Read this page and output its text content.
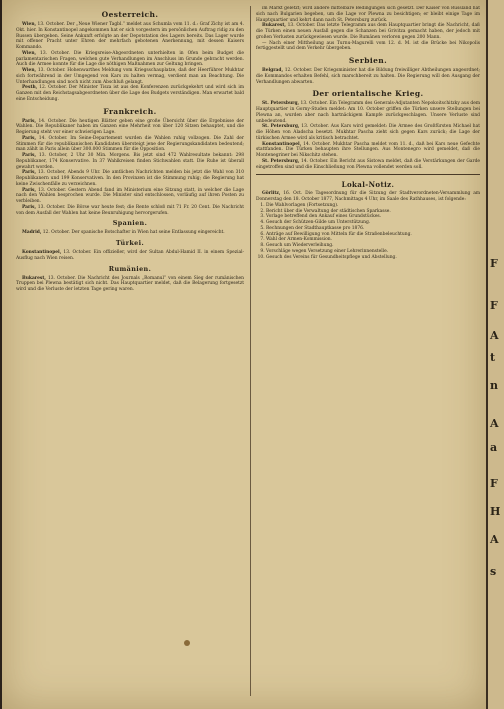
Oesterreich.

Wien, 13. October. Der „Neue Wiener Tagbl.“ meldet aus Schumla vom 11. d.: Graf Zichy ist am 4. Okt. hier. In Konstantinopel angekommen hat er sich vorgestern im persönlichen Auftrag ridig zu den Russen übergeben. Seine Ankunft erfolgte an der Depotstation des Lagers bereits. Das Lager wurde mit offener Pracht unter Ehren der mehrfach gebotenen Anerkennung, mit dessen Kaisers Kommando.

Wien, 13. October. Die Kriegsreise-Abgeordneten unterhielten in Ofen beim Budget die parlamentarischen Fragen, welchen gute Verhandlungen im Anschluss im Grunde gebracht werden. Auch die Armee konnte für die Lage die nöthigen Maßnahmen zur Geltung bringen.

Wien, 13. October. Hohenwarthes Meldung vom Kriegsschauplatze, daß der Heerführer Mukhtar sich fortwährend in der Umgegend von Kars zu halten vermag, verdient man an Beachtung. Die Unterhandlungen sind noch nicht zum Abschluß gelangt.

Pesth, 12. October. Der Minister Tisza ist aus den Konferenzen zurückgekehrt und wird sich im Ganzen mit den Reichstagsabgeordneten über die Lage des Budgets verständigen. Man erwartet bald eine Entscheidung.

Frankreich.

Paris, 14. October. Die heutigen Blätter geben eine große Übersicht über die Ergebnisse der Wahlen. Die Republikaner haben im Ganzen eine Mehrheit von über 120 Sitzen behauptet, und die Regierung steht vor einer schwierigen Lage.

Paris, 14. October. Im Seine-Departement wurden die Wahlen ruhig vollzogen. Die Zahl der Stimmen für die republikanischen Kandidaten übersteigt jene der Regierungskandidaten bedeutend; man zählt in Paris allein über 300.000 Stimmen für die Opposition.

Paris, 13. October, 2 Uhr 30 Min. Morgens. Bis jetzt sind 472 Wahlresultate bekannt: 298 Republikaner, 174 Konservative. In 37 Wahlkreisen finden Stichwahlen statt. Die Ruhe ist überall gewahrt worden.

Paris, 13. October, Abends 9 Uhr. Die amtlichen Nachrichten melden bis jetzt die Wahl von 310 Republikanern und 199 Konservativen. In den Provinzen ist die Stimmung ruhig; die Regierung hat keine Zwischenfälle zu verzeichnen.

Paris, 13. October. Gestern Abend fand im Ministerium eine Sitzung statt, in welcher die Lage nach den Wahlen besprochen wurde. Die Minister sind entschlossen, vorläufig auf ihren Posten zu verbleiben.

Paris, 13. October. Die Börse war heute fest; die Rente schloß mit 71 Fr. 20 Cent. Die Nachricht von dem Ausfall der Wahlen hat keine Beunruhigung hervorgerufen.

Spanien.

Madrid, 12. October. Der spanische Botschafter in Wien hat seine Entlassung eingereicht.

Türkei.

Konstantinopel, 13. October. Ein offizieller, wird der Sultan Abdul-Hamid II. in einem Spezial-Ausflug nach Wien reisen.

Rumänien.

Bukarest, 13. October. Die Nachricht des Journals „Romanul“ von einem Sieg der rumänischen Truppen bei Plewna bestätigt sich nicht. Das Hauptquartier meldet, daß die Belagerung fortgesetzt wird und die Verluste der letzten Tage gering waren.

im Markt geletzt; wird andere mittelbare Bedingungen sich gesetzt. Der Kaiser von Russland hat sich nach Bulgarien begeben, um die Lage vor Plewna zu besichtigen; er bleibt einige Tage im Hauptquartier und kehrt dann nach St. Petersburg zurück.

Bukarest, 13. October. Das letzte Telegramm aus dem Hauptquartier bringt die Nachricht, daß die Türken einen neuen Ausfall gegen die Schanzen bei Grivitza gemacht haben, der jedoch mit großen Verlusten zurückgewiesen wurde. Die Rumänen verloren gegen 200 Mann.

— Nach einer Mittheilung aus Turnu-Magurelli vom 12. d. M. ist die Brücke bei Nikopolis fertiggestellt und dem Verkehr übergeben.

Serbien.

Belgrad, 12. October. Der Kriegsminister hat die Bildung freiwilliger Abtheilungen angeordnet; die Kommandos erhalten Befehl, sich marschbereit zu halten. Die Regierung will den Ausgang der Verhandlungen abwarten.

Der orientalische Krieg.

St. Petersburg, 13. October. Ein Telegramm des Generals-Adjutanten Nepokoitschitzky aus dem Hauptquartier in Gorny-Studen meldet: Am 10. October griffen die Türken unsere Stellungen bei Plewna an, wurden aber nach hartnäckigem Kampfe zurückgeschlagen. Unsere Verluste sind unbedeutend.

St. Petersburg, 13. October. Aus Kars wird gemeldet: Die Armee des Großfürsten Michael hat die Höhen von Aladscha besetzt. Mukhtar Pascha zieht sich gegen Kars zurück; die Lage der türkischen Armee wird als kritisch betrachtet.

Konstantinopel, 14. October. Mukhtar Pascha meldet vom 11. d., daß bei Kars neue Gefechte stattfanden. Die Türken behaupten ihre Stellungen. Aus Montenegro wird gemeldet, daß die Montenegriner bei Nikschitz stehen.

St. Petersburg, 14. October. Ein Bericht aus Sistowa meldet, daß die Verstärkungen der Garde eingetroffen sind und die Einschließung von Plewna vollendet werden soll.

Lokal-Notiz.

Görlitz, 16. Oct. Die Tagesordnung für die Sitzung der Stadtverordneten-Versammlung am Donnerstag den 18. October 1877, Nachmittags 4 Uhr, im Saale des Rathhauses, ist folgende:

1. Die Wahlvorlagen (Fortsetzung).
2. Bericht über die Verwaltung der städtischen Sparkasse.
3. Vorlage betreffend den Ankauf eines Grundstückes.
4. Gesuch der Schützen-Gilde um Unterstützung.
5. Rechnungen der Stadthauptkasse pro 1876.
6. Anträge auf Bewilligung von Mitteln für die Straßenbeleuchtung.
7. Wahl der Armen-Kommission.
8. Gesuch um Wiederverleihung.
9. Vorschläge wegen Versetzung einer Lehrerinnenstelle.
10. Gesuch des Vereins für Gesundheitspflege und Abstellung.	F
F
A
t
n
A
a
F
H
A
s
